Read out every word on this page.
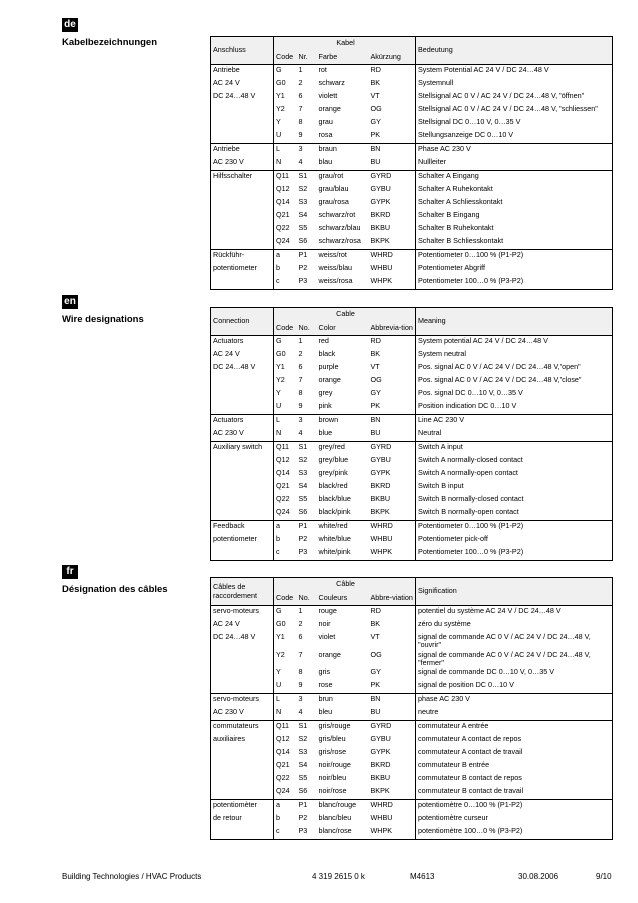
de
Kabelbezeichnungen
Anschluss	Kabel				Bedeutung
	Code	Nr.	Farbe	Akürzung	
Antriebe	G	1	rot	RD	System Potential AC 24 V / DC 24…48 V
AC 24 V	G0	2	schwarz	BK	Systemnull
DC 24…48 V	Y1	6	violett	VT	Stellsignal AC 0 V / AC 24 V / DC 24…48 V, "öffnen"
	Y2	7	orange	OG	Stellsignal AC 0 V / AC 24 V / DC 24…48 V, "schliessen"
	Y	8	grau	GY	Stellsignal DC 0…10 V, 0…35 V
	U	9	rosa	PK	Stellungsanzeige DC 0…10 V
Antriebe	L	3	braun	BN	Phase AC 230 V
AC 230 V	N	4	blau	BU	Nullleiter
Hilfsschalter	Q11	S1	grau/rot	GYRD	Schalter A Eingang
	Q12	S2	grau/blau	GYBU	Schalter A Ruhekontakt
	Q14	S3	grau/rosa	GYPK	Schalter A Schliesskontakt
	Q21	S4	schwarz/rot	BKRD	Schalter B Eingang
	Q22	S5	schwarz/blau	BKBU	Schalter B Ruhekontakt
	Q24	S6	schwarz/rosa	BKPK	Schalter B Schliesskontakt
Rückführ-	a	P1	weiss/rot	WHRD	Potentiometer 0…100 % (P1-P2)
potentiometer	b	P2	weiss/blau	WHBU	Potentiometer Abgriff
	c	P3	weiss/rosa	WHPK	Potentiometer 100…0 % (P3-P2)
en
Wire designations	Connection	Cable				Meaning
	Code	No.	Color	Abbrevia-tion	
Actuators	G	1	red	RD	System potential AC 24 V / DC 24…48 V
AC 24 V	G0	2	black	BK	System neutral
DC 24…48 V	Y1	6	purple	VT	Pos. signal AC 0 V / AC 24 V / DC 24…48 V,"open"
	Y2	7	orange	OG	Pos. signal AC 0 V / AC 24 V / DC 24…48 V,"close"
	Y	8	grey	GY	Pos. signal DC 0…10 V, 0…35 V
	U	9	pink	PK	Position indication DC 0…10 V
Actuators	L	3	brown	BN	Line AC 230 V
AC 230 V	N	4	blue	BU	Neutral
Auxiliary switch	Q11	S1	grey/red	GYRD	Switch A input
	Q12	S2	grey/blue	GYBU	Switch A normally-closed contact
	Q14	S3	grey/pink	GYPK	Switch A normally-open contact
	Q21	S4	black/red	BKRD	Switch B input
	Q22	S5	black/blue	BKBU	Switch B normally-closed contact
	Q24	S6	black/pink	BKPK	Switch B normally-open contact
Feedback	a	P1	white/red	WHRD	Potentiometer 0…100 % (P1-P2)
potentiometer	b	P2	white/blue	WHBU	Potentiometer pick-off
	c	P3	white/pink	WHPK	Potentiometer 100…0 % (P3-P2)
fr
Désignation des câbles	Câbles de raccordement	Câble				Signification
	Code	No.	Couleurs	Abbre-viation	
servo-moteurs	G	1	rouge	RD	potentiel du système AC 24 V / DC 24…48 V
AC 24 V	G0	2	noir	BK	zéro du système
DC 24…48 V	Y1	6	violet	VT	signal de commande AC 0 V / AC 24 V / DC 24…48 V, "ouvrir"
	Y2	7	orange	OG	signal de commande AC 0 V / AC 24 V / DC 24…48 V, "fermer"
	Y	8	gris	GY	signal de commande DC 0…10 V, 0…35 V
	U	9	rose	PK	signal de position DC 0…10 V
servo-moteurs	L	3	brun	BN	phase AC 230 V
AC 230 V	N	4	bleu	BU	neutre
commutateurs	Q11	S1	gris/rouge	GYRD	commutateur A entrée
auxiliaires	Q12	S2	gris/bleu	GYBU	commutateur A contact de repos
	Q14	S3	gris/rose	GYPK	commutateur A contact de travail
	Q21	S4	noir/rouge	BKRD	commutateur B entrée
	Q22	S5	noir/bleu	BKBU	commutateur B contact de repos
	Q24	S6	noir/rose	BKPK	commutateur B contact de travail
potentiomèter	a	P1	blanc/rouge	WHRD	potentiomètre 0…100 % (P1-P2)
de retour	b	P2	blanc/bleu	WHBU	potentiomètre curseur
	c	P3	blanc/rose	WHPK	potentiomètre 100…0 % (P3-P2)
Building Technologies / HVAC Products	4 319 2615 0 k	M4613	30.08.2006	9/10
